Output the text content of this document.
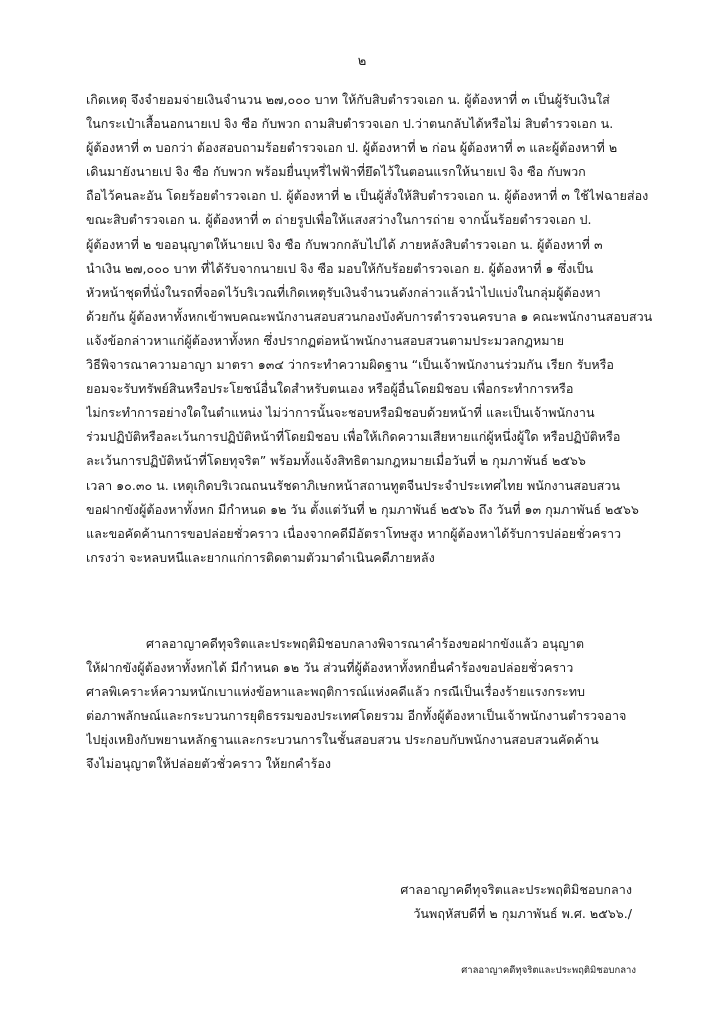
๒
เกิดเหตุ จึงจำยอมจ่ายเงินจำนวน ๒๗,๐๐๐ บาท ให้กับสิบตำรวจเอก น. ผู้ต้องหาที่ ๓ เป็นผู้รับเงินใส่
ในกระเป๋าเสื้อนอกนายเป จิง ซือ กับพวก ถามสิบตำรวจเอก ป.ว่าตนกลับได้หรือไม่ สิบตำรวจเอก น.
ผู้ต้องหาที่ ๓ บอกว่า ต้องสอบถามร้อยตำรวจเอก ป. ผู้ต้องหาที่ ๒ ก่อน ผู้ต้องหาที่ ๓ และผู้ต้องหาที่ ๒
เดินมายังนายเป จิง ซือ กับพวก พร้อมยื่นบุหรี่ไฟฟ้าที่ยึดไว้ในตอนแรกให้นายเป จิง ซือ กับพวก
ถือไว้คนละอัน โดยร้อยตำรวจเอก ป. ผู้ต้องหาที่ ๒ เป็นผู้สั่งให้สิบตำรวจเอก น. ผู้ต้องหาที่ ๓ ใช้ไฟฉายส่อง
ขณะสิบตำรวจเอก น. ผู้ต้องหาที่ ๓ ถ่ายรูปเพื่อให้แสงสว่างในการถ่าย จากนั้นร้อยตำรวจเอก ป.
ผู้ต้องหาที่ ๒ ขออนุญาตให้นายเป จิง ซือ กับพวกกลับไปได้ ภายหลังสิบตำรวจเอก น. ผู้ต้องหาที่ ๓
นำเงิน ๒๗,๐๐๐ บาท ที่ได้รับจากนายเป จิง ซือ มอบให้กับร้อยตำรวจเอก ย. ผู้ต้องหาที่ ๑ ซึ่งเป็น
หัวหน้าชุดที่นั่งในรถที่จอดไว้บริเวณที่เกิดเหตุรับเงินจำนวนดังกล่าวแล้วนำไปแบ่งในกลุ่มผู้ต้องหา
ด้วยกัน ผู้ต้องหาทั้งหกเข้าพบคณะพนักงานสอบสวนกองบังคับการตำรวจนครบาล ๑ คณะพนักงานสอบสวน
แจ้งข้อกล่าวหาแก่ผู้ต้องหาทั้งหก ซึ่งปรากฏต่อหน้าพนักงานสอบสวนตามประมวลกฎหมาย
วิธีพิจารณาความอาญา มาตรา ๑๓๔ ว่ากระทำความผิดฐาน “เป็นเจ้าพนักงานร่วมกัน เรียก รับหรือ
ยอมจะรับทรัพย์สินหรือประโยชน์อื่นใดสำหรับตนเอง หรือผู้อื่นโดยมิชอบ เพื่อกระทำการหรือ
ไม่กระทำการอย่างใดในตำแหน่ง ไม่ว่าการนั้นจะชอบหรือมิชอบด้วยหน้าที่ และเป็นเจ้าพนักงาน
ร่วมปฏิบัติหรือละเว้นการปฏิบัติหน้าที่โดยมิชอบ เพื่อให้เกิดความเสียหายแก่ผู้หนึ่งผู้ใด หรือปฏิบัติหรือ
ละเว้นการปฏิบัติหน้าที่โดยทุจริต” พร้อมทั้งแจ้งสิทธิตามกฎหมายเมื่อวันที่ ๒ กุมภาพันธ์ ๒๕๖๖
เวลา ๑๐.๓๐ น. เหตุเกิดบริเวณถนนรัชดาภิเษกหน้าสถานทูตจีนประจำประเทศไทย พนักงานสอบสวน
ขอฝากขังผู้ต้องหาทั้งหก มีกำหนด ๑๒ วัน ตั้งแต่วันที่ ๒ กุมภาพันธ์ ๒๕๖๖ ถึง วันที่ ๑๓ กุมภาพันธ์ ๒๕๖๖
และขอคัดค้านการขอปล่อยชั่วคราว เนื่องจากคดีมีอัตราโทษสูง หากผู้ต้องหาได้รับการปล่อยชั่วคราว
เกรงว่า จะหลบหนีและยากแก่การติดตามตัวมาดำเนินคดีภายหลัง
ศาลอาญาคดีทุจริตและประพฤติมิชอบกลางพิจารณาคำร้องขอฝากขังแล้ว อนุญาต
ให้ฝากขังผู้ต้องหาทั้งหกได้ มีกำหนด ๑๒ วัน ส่วนที่ผู้ต้องหาทั้งหกยื่นคำร้องขอปล่อยชั่วคราว
ศาลพิเคราะห์ความหนักเบาแห่งข้อหาและพฤติการณ์แห่งคดีแล้ว กรณีเป็นเรื่องร้ายแรงกระทบ
ต่อภาพลักษณ์และกระบวนการยุติธรรมของประเทศโดยรวม อีกทั้งผู้ต้องหาเป็นเจ้าพนักงานตำรวจอาจ
ไปยุ่งเหยิงกับพยานหลักฐานและกระบวนการในชั้นสอบสวน ประกอบกับพนักงานสอบสวนคัดค้าน
จึงไม่อนุญาตให้ปล่อยตัวชั่วคราว ให้ยกคำร้อง
ศาลอาญาคดีทุจริตและประพฤติมิชอบกลาง
วันพฤหัสบดีที่ ๒ กุมภาพันธ์ พ.ศ. ๒๕๖๖./
ศาลอาญาคดีทุจริตและประพฤติมิชอบกลาง
